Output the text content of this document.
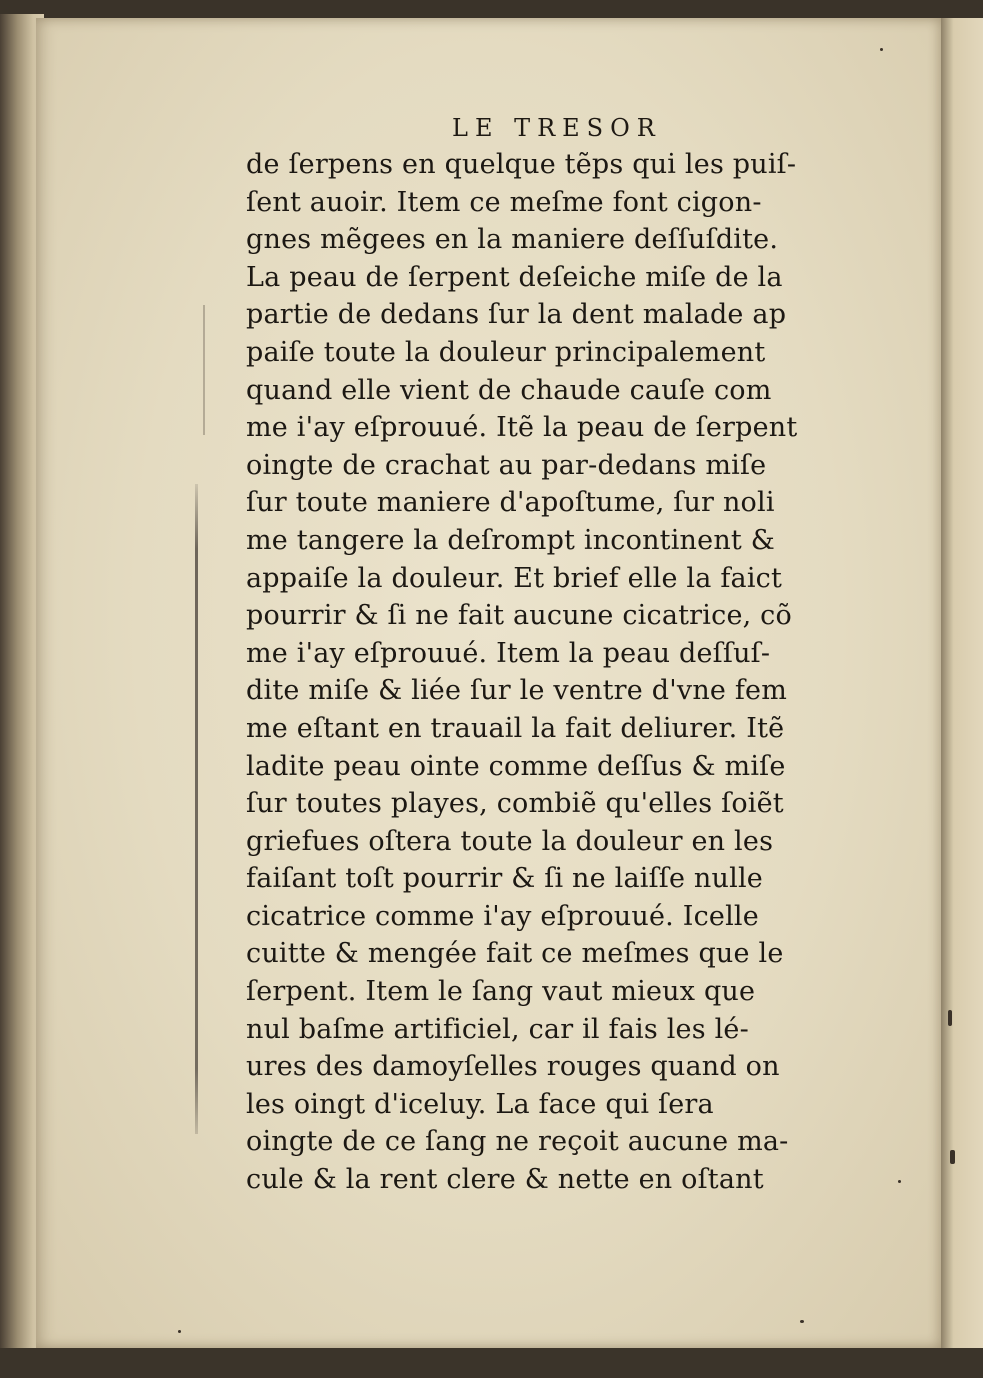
LE TRESOR
de ſerpens en quelque tẽps qui les puiſ-
ſent auoir. Item ce meſme font cigon-
gnes mẽgees en la maniere deſſuſdite.
La peau de ſerpent deſeiche miſe de la
partie de dedans ſur la dent malade ap
paiſe toute la douleur principalement
quand elle vient de chaude cauſe com
me i'ay eſprouué. Itẽ la peau de ſerpent
oingte de crachat au par-dedans miſe
ſur toute maniere d'apoſtume, ſur noli
me tangere la deſrompt incontinent &
appaiſe la douleur. Et brief elle la faict
pourrir & ſi ne fait aucune cicatrice, cõ
me i'ay eſprouué. Item la peau deſſuſ-
dite miſe & liée ſur le ventre d'vne fem
me eſtant en trauail la fait deliurer. Itẽ
ladite peau ointe comme deſſus & miſe
ſur toutes playes, combiẽ qu'elles ſoiẽt
griefues oſtera toute la douleur en les
faiſant toſt pourrir & ſi ne laiſſe nulle
cicatrice comme i'ay eſprouué. Icelle
cuitte & mengée fait ce meſmes que le
ſerpent. Item le ſang vaut mieux que
nul baſme artificiel, car il fais les lé-
ures des damoyſelles rouges quand on
les oingt d'iceluy. La face qui ſera
oingte de ce ſang ne reçoit aucune ma-
cule & la rent clere & nette en oſtant
